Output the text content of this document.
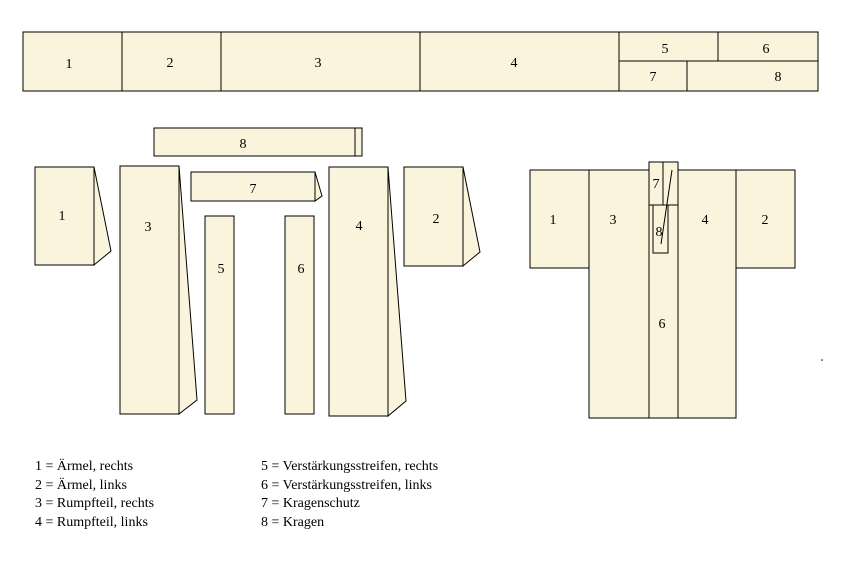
1	2	3	4
5	6
7	8
8
7
1
3
5	6
4	2
7
8
1	3	4	2
6
1 = Ärmel, rechts
2 = Ärmel, links
3 = Rumpfteil, rechts
4 = Rumpfteil, links
5 = Verstärkungsstreifen, rechts
6 = Verstärkungsstreifen, links
7 = Kragenschutz
8 = Kragen
